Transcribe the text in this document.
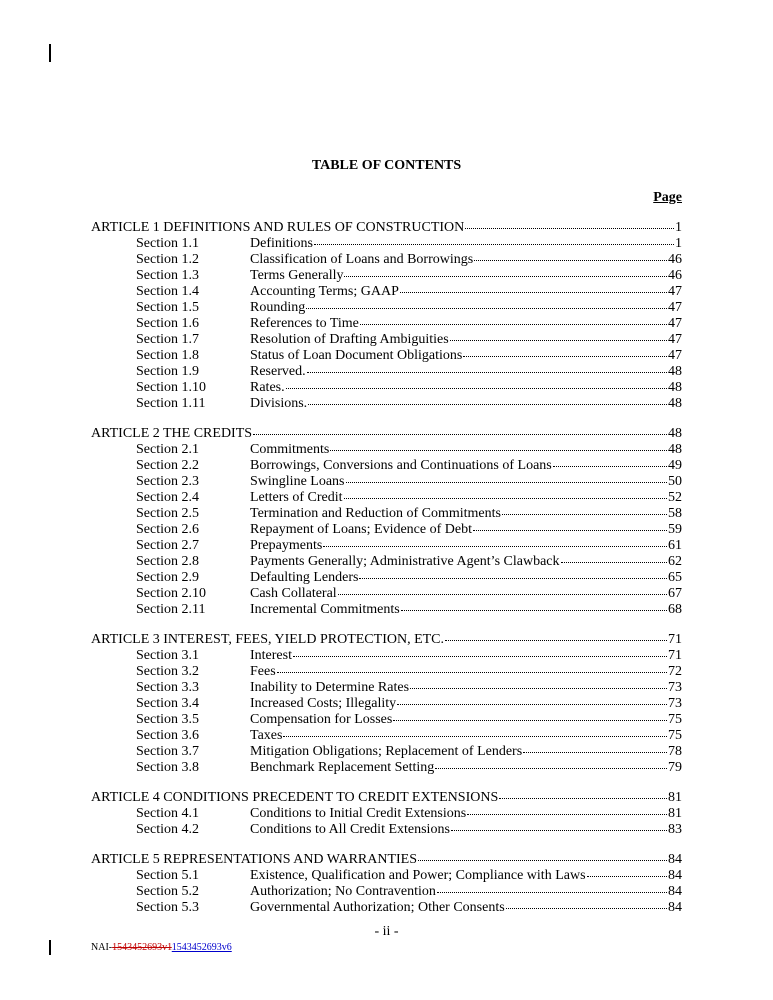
TABLE OF CONTENTS
Page
ARTICLE 1 DEFINITIONS AND RULES OF CONSTRUCTION	1
Section 1.1	Definitions	1
Section 1.2	Classification of Loans and Borrowings	46
Section 1.3	Terms Generally	46
Section 1.4	Accounting Terms; GAAP	47
Section 1.5	Rounding	47
Section 1.6	References to Time	47
Section 1.7	Resolution of Drafting Ambiguities	47
Section 1.8	Status of Loan Document Obligations	47
Section 1.9	Reserved.	48
Section 1.10	Rates.	48
Section 1.11	Divisions.	48
ARTICLE 2 THE CREDITS	48
Section 2.1	Commitments	48
Section 2.2	Borrowings, Conversions and Continuations of Loans	49
Section 2.3	Swingline Loans	50
Section 2.4	Letters of Credit	52
Section 2.5	Termination and Reduction of Commitments	58
Section 2.6	Repayment of Loans; Evidence of Debt	59
Section 2.7	Prepayments	61
Section 2.8	Payments Generally; Administrative Agent’s Clawback	62
Section 2.9	Defaulting Lenders	65
Section 2.10	Cash Collateral	67
Section 2.11	Incremental Commitments	68
ARTICLE 3 INTEREST, FEES, YIELD PROTECTION, ETC.	71
Section 3.1	Interest	71
Section 3.2	Fees	72
Section 3.3	Inability to Determine Rates	73
Section 3.4	Increased Costs; Illegality	73
Section 3.5	Compensation for Losses	75
Section 3.6	Taxes	75
Section 3.7	Mitigation Obligations; Replacement of Lenders	78
Section 3.8	Benchmark Replacement Setting	79
ARTICLE 4 CONDITIONS PRECEDENT TO CREDIT EXTENSIONS	81
Section 4.1	Conditions to Initial Credit Extensions	81
Section 4.2	Conditions to All Credit Extensions	83
ARTICLE 5 REPRESENTATIONS AND WARRANTIES	84
Section 5.1	Existence, Qualification and Power; Compliance with Laws	84
Section 5.2	Authorization; No Contravention	84
Section 5.3	Governmental Authorization; Other Consents	84
- ii -
NAI-1543452693v11543452693v6
